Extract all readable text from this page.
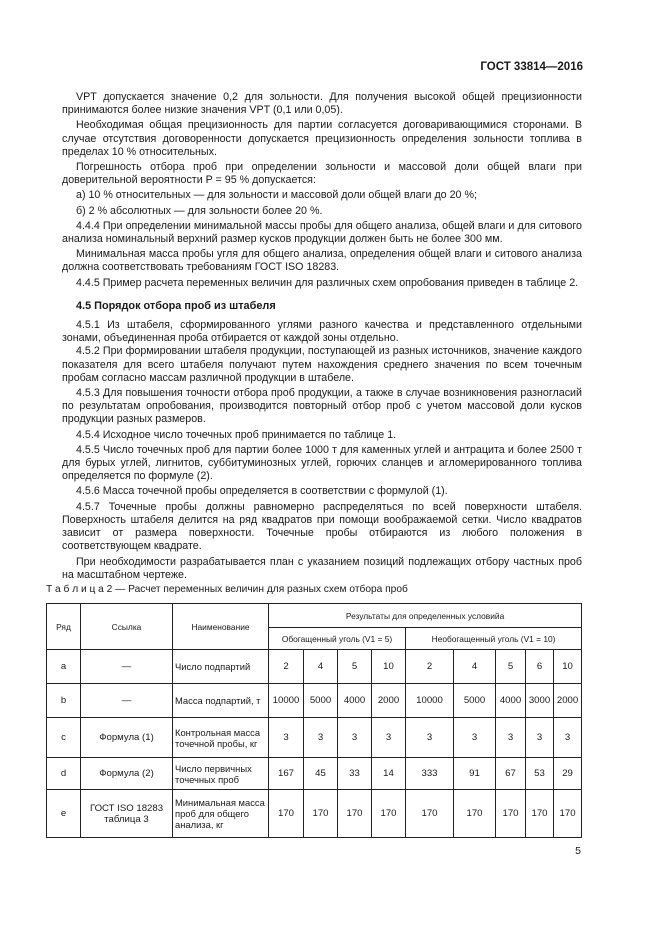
ГОСТ 33814—2016

VPT допускается значение 0,2 для зольности. Для получения высокой общей прецизионности принимаются более низкие значения VPT (0,1 или 0,05).

Необходимая общая прецизионность для партии согласуется договаривающимися сторонами. В случае отсутствия договоренности допускается прецизионность определения зольности топлива в пределах 10 % относительных.

Погрешность отбора проб при определении зольности и массовой доли общей влаги при доверительной вероятности P = 95 % допускается:

а) 10 % относительных — для зольности и массовой доли общей влаги до 20 %;

б) 2 % абсолютных — для зольности более 20 %.

4.4.4 При определении минимальной массы пробы для общего анализа, общей влаги и для ситового анализа номинальный верхний размер кусков продукции должен быть не более 300 мм.

Минимальная масса пробы угля для общего анализа, определения общей влаги и ситового анализа должна соответствовать требованиям ГОСТ ISO 18283.

4.4.5 Пример расчета переменных величин для различных схем опробования приведен в таблице 2.

4.5 Порядок отбора проб из штабеля

4.5.1 Из штабеля, сформированного углями разного качества и представленного отдельными зонами, объединенная проба отбирается от каждой зоны отдельно.

4.5.2 При формировании штабеля продукции, поступающей из разных источников, значение каждого показателя для всего штабеля получают путем нахождения среднего значения по всем точечным пробам согласно массам различной продукции в штабеле.

4.5.3 Для повышения точности отбора проб продукции, а также в случае возникновения разногласий по результатам опробования, производится повторный отбор проб с учетом массовой доли кусков продукции разных размеров.

4.5.4 Исходное число точечных проб принимается по таблице 1.

4.5.5 Число точечных проб для партии более 1000 т для каменных углей и антрацита и более 2500 т для бурых углей, лигнитов, суббитуминозных углей, горючих сланцев и агломерированного топлива определяется по формуле (2).

4.5.6 Масса точечной пробы определяется в соответствии с формулой (1).

4.5.7 Точечные пробы должны равномерно распределяться по всей поверхности штабеля. Поверхность штабеля делится на ряд квадратов при помощи воображаемой сетки. Число квадратов зависит от размера поверхности. Точечные пробы отбираются из любого положения в соответствующем квадрате.

При необходимости разрабатывается план с указанием позиций подлежащих отбору частных проб на масштабном чертеже.

Т а б л и ц а 2 — Расчет переменных величин для разных схем отбора проб
Ряд	Ссылка	Наименование	Результаты для определенных условийa								
			Обогащенный уголь (V1 = 5)				Необогащенный уголь (V1 = 10)				
a	—	Число подпартий	2	4	5	10	2	4	5	6	10
b	—	Масса подпартий, т	10000	5000	4000	2000	10000	5000	4000	3000	2000
c	Формула (1)	Контрольная масса точечной пробы, кг	3	3	3	3	3	3	3	3	3
d	Формула (2)	Число первичных точечных проб	167	45	33	14	333	91	67	53	29
e	ГОСТ ISO 18283 таблица 3	Минимальная масса проб для общего анализа, кг	170	170	170	170	170	170	170	170	170
5
